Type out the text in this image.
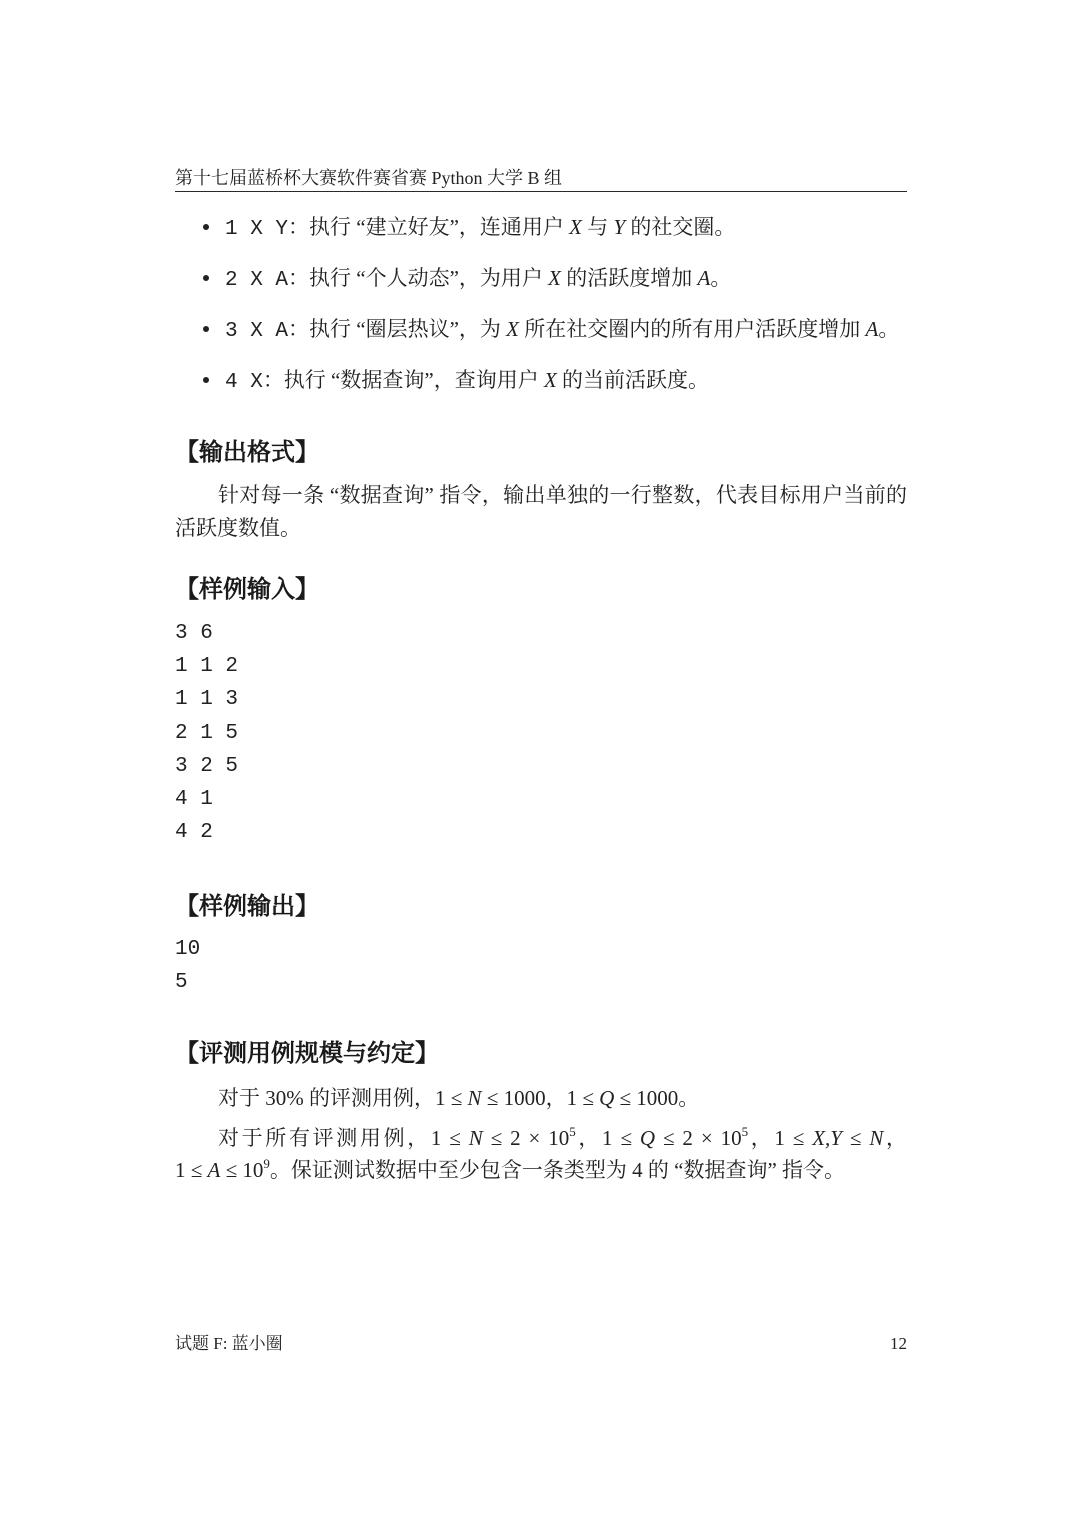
第十七届蓝桥杯大赛软件赛省赛 Python 大学 B 组
1 X Y：执行 “建立好友”，连通用户 X 与 Y 的社交圈。
2 X A：执行 “个人动态”，为用户 X 的活跃度增加 A。
3 X A：执行 “圈层热议”，为 X 所在社交圈内的所有用户活跃度增加 A。
4 X：执行 “数据查询”，查询用户 X 的当前活跃度。
【输出格式】
针对每一条 “数据查询” 指令，输出单独的一行整数，代表目标用户当前的
活跃度数值。
【样例输入】
3 6
1 1 2
1 1 3
2 1 5
3 2 5
4 1
4 2
【样例输出】
10
5
【评测用例规模与约定】
对于 30% 的评测用例，1 ≤ N ≤ 1000，1 ≤ Q ≤ 1000。
对于所有评测用例，$1 \le N \le 2 \times 10^5$，$1 \le Q \le 2 \times 10^5$，1 ≤ X,Y ≤ N，
$1 \le A \le 10^9$。保证测试数据中至少包含一条类型为 4 的 “数据查询” 指令。
试题 F: 蓝小圈	12
